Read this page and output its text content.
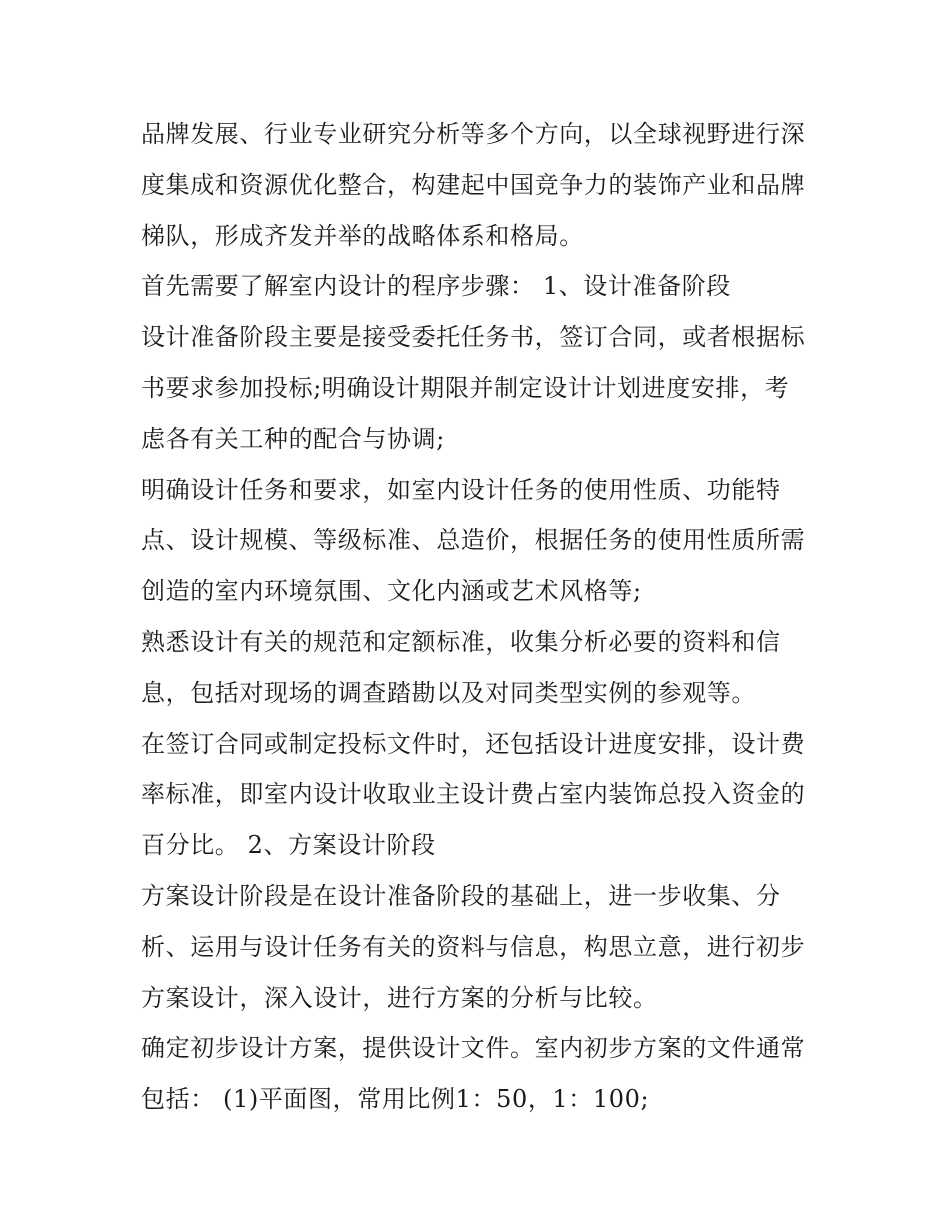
品牌发展、行业专业研究分析等多个方向，以全球视野进行深
度集成和资源优化整合，构建起中国竞争力的装饰产业和品牌
梯队，形成齐发并举的战略体系和格局。
首先需要了解室内设计的程序步骤： 1、设计准备阶段
设计准备阶段主要是接受委托任务书，签订合同，或者根据标
书要求参加投标;明确设计期限并制定设计计划进度安排，考
虑各有关工种的配合与协调;
明确设计任务和要求，如室内设计任务的使用性质、功能特
点、设计规模、等级标准、总造价，根据任务的使用性质所需
创造的室内环境氛围、文化内涵或艺术风格等;
熟悉设计有关的规范和定额标准，收集分析必要的资料和信
息，包括对现场的调查踏勘以及对同类型实例的参观等。
在签订合同或制定投标文件时，还包括设计进度安排，设计费
率标准，即室内设计收取业主设计费占室内装饰总投入资金的
百分比。 2、方案设计阶段
方案设计阶段是在设计准备阶段的基础上，进一步收集、分
析、运用与设计任务有关的资料与信息，构思立意，进行初步
方案设计，深入设计，进行方案的分析与比较。
确定初步设计方案，提供设计文件。室内初步方案的文件通常
包括： (1)平面图，常用比例1：50，1：100;
